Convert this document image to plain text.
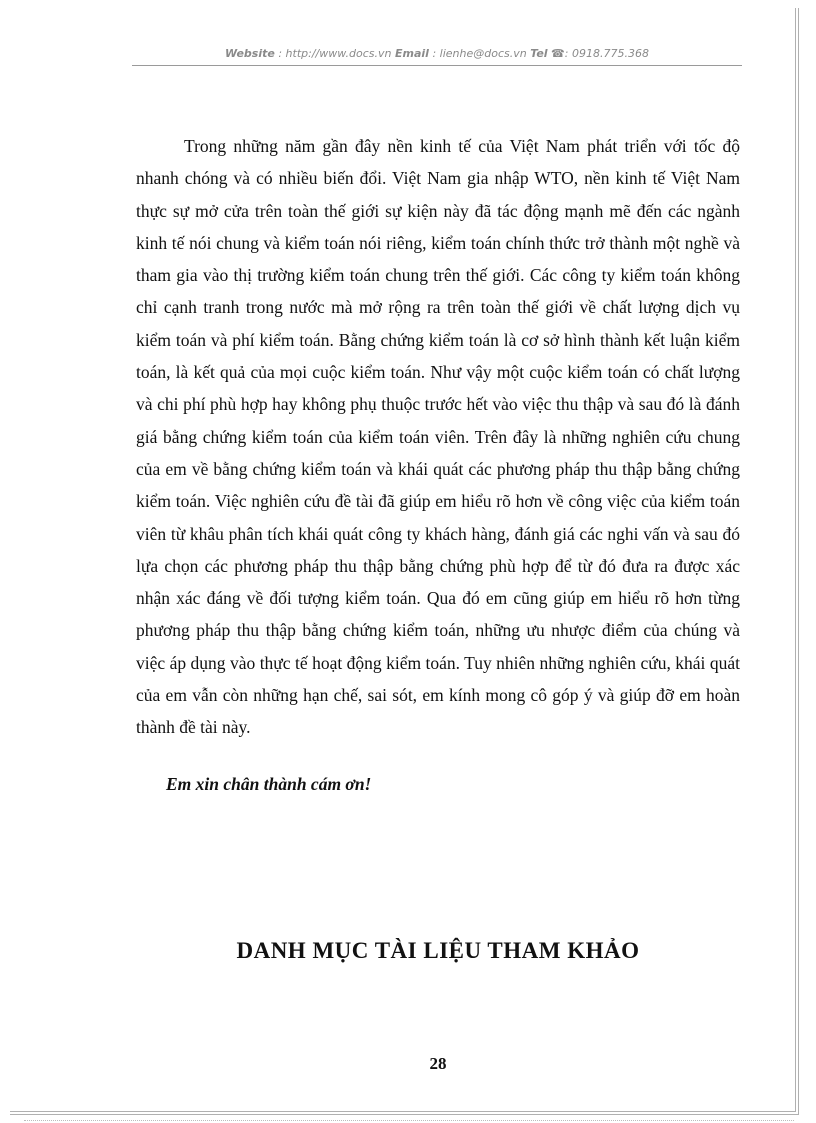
Website : http://www.docs.vn Email : lienhe@docs.vn Tel ☎: 0918.775.368

Trong những năm gần đây nền kinh tế của Việt Nam phát triển với tốc độ nhanh chóng và có nhiều biến đổi. Việt Nam gia nhập WTO, nền kinh tế Việt Nam thực sự mở cửa trên toàn thế giới sự kiện này đã tác động mạnh mẽ đến các ngành kinh tế nói chung và kiểm toán nói riêng, kiểm toán chính thức trở thành một nghề và tham gia vào thị trường kiểm toán chung trên thế giới. Các công ty kiểm toán không chỉ cạnh tranh trong nước mà mở rộng ra trên toàn thế giới về chất lượng dịch vụ kiểm toán và phí kiểm toán. Bằng chứng kiểm toán là cơ sở hình thành kết luận kiểm toán, là kết quả của mọi cuộc kiểm toán. Như vậy một cuộc kiểm toán có chất lượng và chi phí phù hợp hay không phụ thuộc trước hết vào việc thu thập và sau đó là đánh giá bằng chứng kiểm toán của kiểm toán viên. Trên đây là những nghiên cứu chung của em về bằng chứng kiểm toán và khái quát các phương pháp thu thập bằng chứng kiểm toán. Việc nghiên cứu đề tài đã giúp em hiểu rõ hơn về công việc của kiểm toán viên từ khâu phân tích khái quát công ty khách hàng, đánh giá các nghi vấn và sau đó lựa chọn các phương pháp thu thập bằng chứng phù hợp để từ đó đưa ra được xác nhận xác đáng về đối tượng kiểm toán. Qua đó em cũng giúp em hiểu rõ hơn từng phương pháp thu thập bằng chứng kiểm toán, những ưu nhược điểm của chúng và việc áp dụng vào thực tế hoạt động kiểm toán. Tuy nhiên những nghiên cứu, khái quát của em vẫn còn những hạn chế, sai sót, em kính mong cô góp ý và giúp đỡ em hoàn thành đề tài này.

Em xin chân thành cám ơn!

DANH MỤC TÀI LIỆU THAM KHẢO
28
